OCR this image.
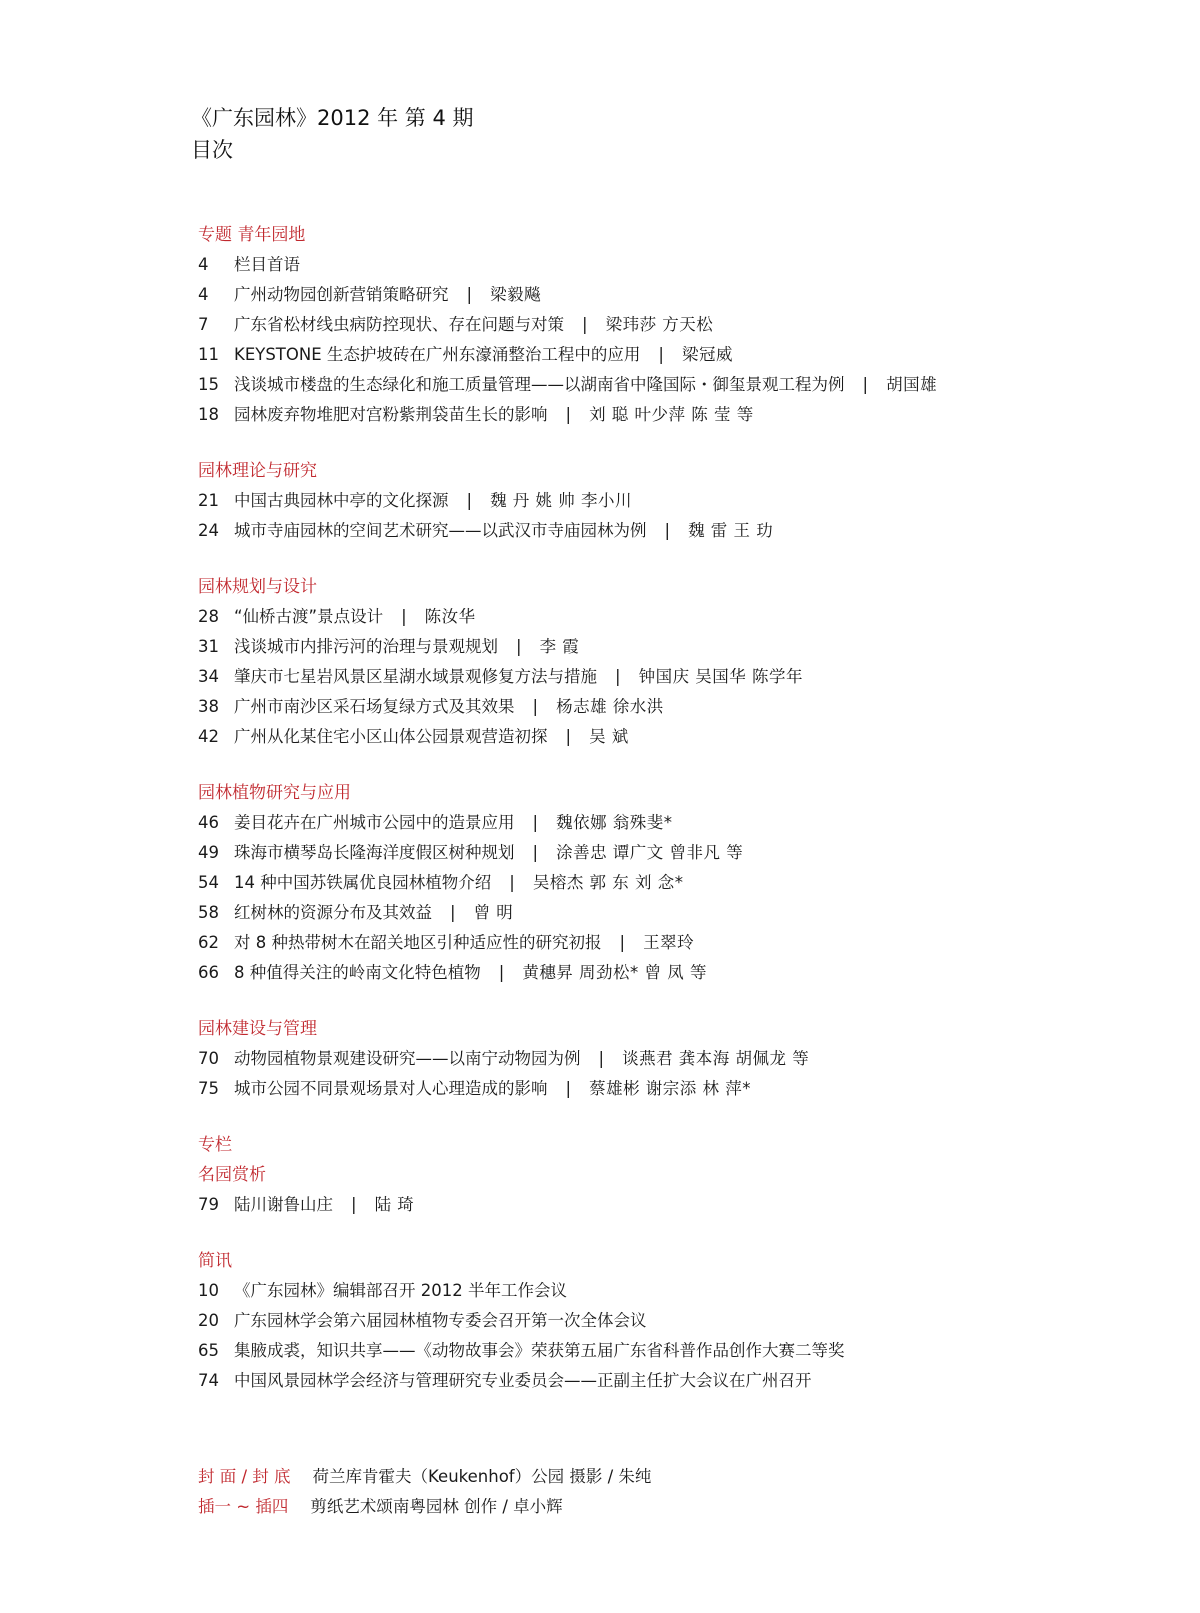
《广东园林》2012 年 第 4 期
目次
专题 青年园地
4	栏目首语
4	广州动物园创新营销策略研究 | 梁毅飚
7	广东省松材线虫病防控现状、存在问题与对策 | 梁玮莎 方天松
11 KEYSTONE 生态护坡砖在广州东濠涌整治工程中的应用 | 梁冠威
15 浅谈城市楼盘的生态绿化和施工质量管理——以湖南省中隆国际・御玺景观工程为例 | 胡国雄
18 园林废弃物堆肥对宫粉紫荆袋苗生长的影响 | 刘 聪 叶少萍 陈 莹 等
园林理论与研究
21 中国古典园林中亭的文化探源 | 魏 丹 姚 帅 李小川
24 城市寺庙园林的空间艺术研究——以武汉市寺庙园林为例 | 魏 雷 王 玏
园林规划与设计
28 “仙桥古渡”景点设计 | 陈汝华
31 浅谈城市内排污河的治理与景观规划 | 李 霞
34 肇庆市七星岩风景区星湖水域景观修复方法与措施 | 钟国庆 吴国华 陈学年
38 广州市南沙区采石场复绿方式及其效果 | 杨志雄 徐水洪
42 广州从化某住宅小区山体公园景观营造初探 | 吴 斌
园林植物研究与应用
46 姜目花卉在广州城市公园中的造景应用 | 魏依娜 翁殊斐*
49 珠海市横琴岛长隆海洋度假区树种规划 | 涂善忠 谭广文 曾非凡 等
54 14 种中国苏铁属优良园林植物介绍 | 吴榕杰 郭 东 刘 念*
58 红树林的资源分布及其效益 | 曾 明
62 对 8 种热带树木在韶关地区引种适应性的研究初报 | 王翠玲
66 8 种值得关注的岭南文化特色植物 | 黄穗昇 周劲松* 曾 凤 等
园林建设与管理
70 动物园植物景观建设研究——以南宁动物园为例 | 谈燕君 龚本海 胡佩龙 等
75 城市公园不同景观场景对人心理造成的影响 | 蔡雄彬 谢宗添 林 萍*
专栏
名园赏析
79 陆川谢鲁山庄 | 陆 琦
简讯
10 《广东园林》编辑部召开 2012 半年工作会议
20 广东园林学会第六届园林植物专委会召开第一次全体会议
65 集腋成裘，知识共享——《动物故事会》荣获第五届广东省科普作品创作大赛二等奖
74 中国风景园林学会经济与管理研究专业委员会——正副主任扩大会议在广州召开
封 面 / 封 底 荷兰库肯霍夫（Keukenhof）公园 摄影 / 朱纯
插一 ~ 插四 剪纸艺术颂南粤园林 创作 / 卓小辉
